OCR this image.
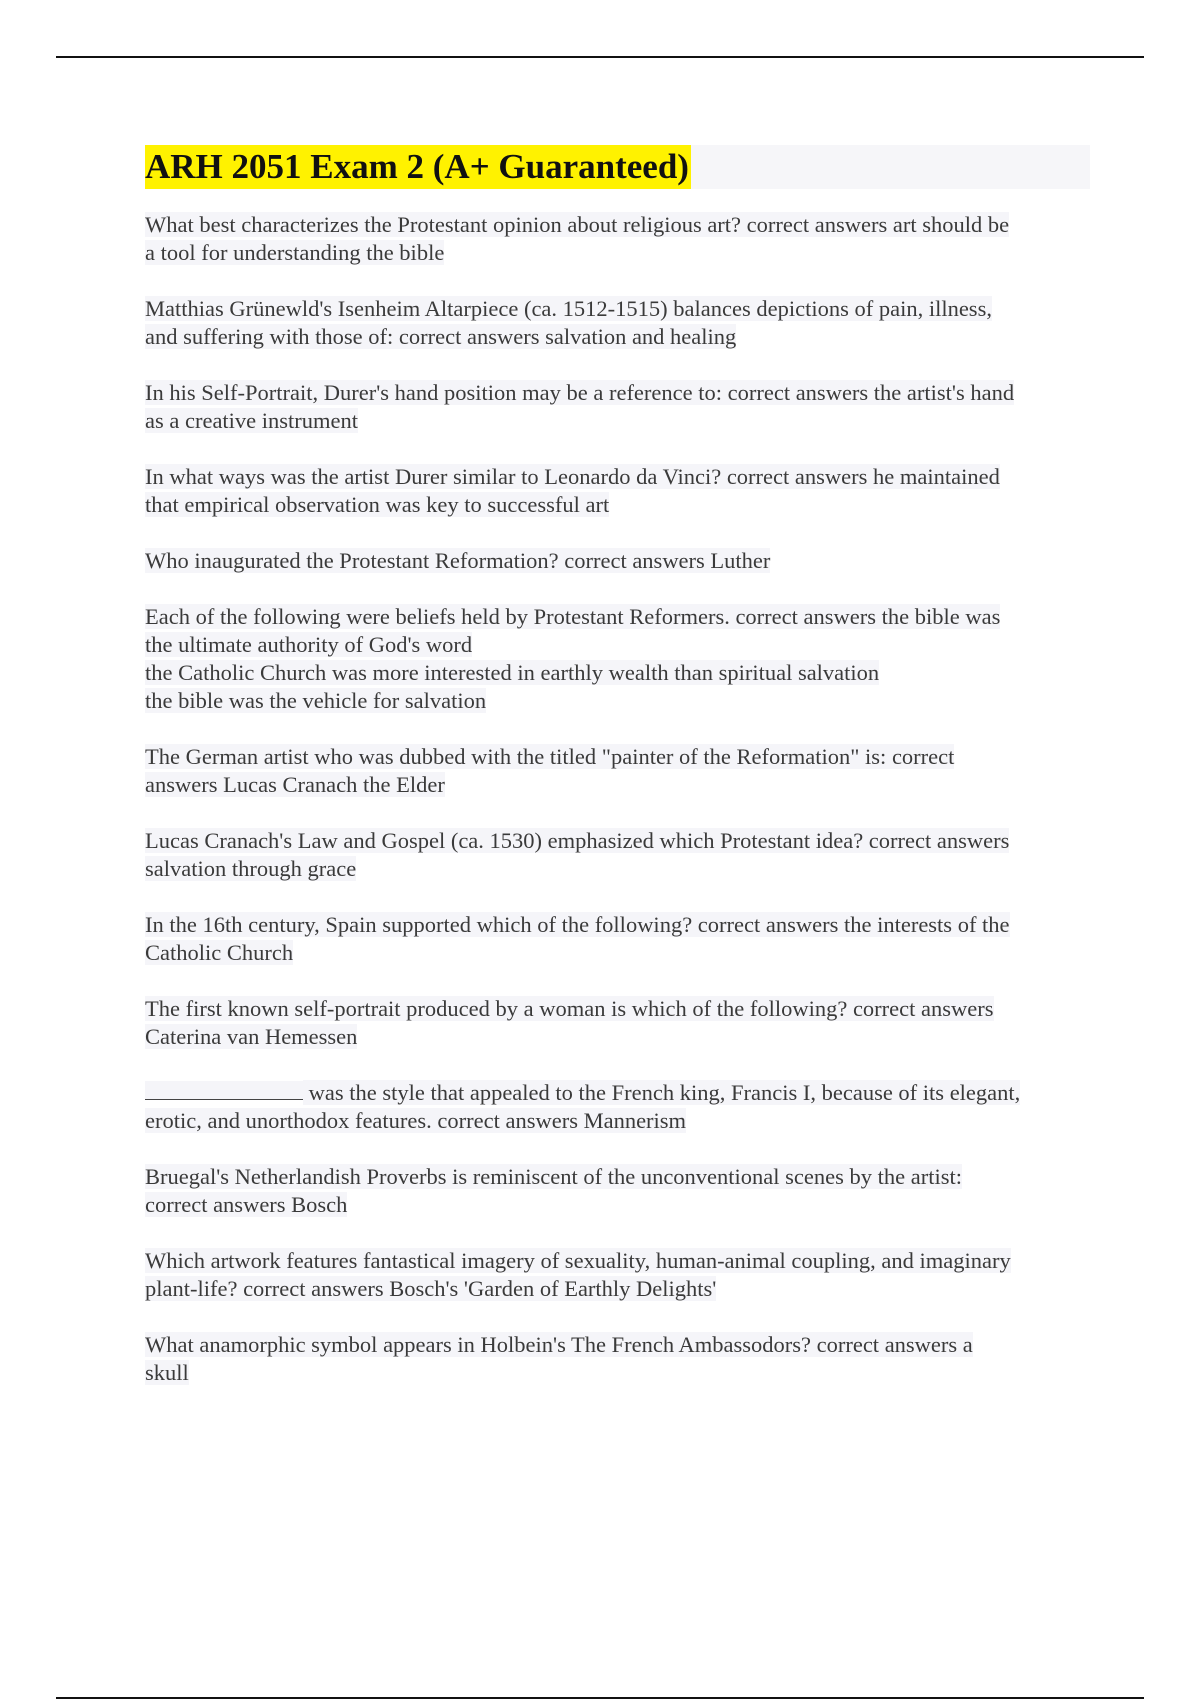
ARH 2051 Exam 2 (A+ Guaranteed)
What best characterizes the Protestant opinion about religious art? correct answers art should be
a tool for understanding the bible
Matthias Grünewld's Isenheim Altarpiece (ca. 1512-1515) balances depictions of pain, illness,
and suffering with those of: correct answers salvation and healing
In his Self-Portrait, Durer's hand position may be a reference to: correct answers the artist's hand
as a creative instrument
In what ways was the artist Durer similar to Leonardo da Vinci? correct answers he maintained
that empirical observation was key to successful art
Who inaugurated the Protestant Reformation? correct answers Luther
Each of the following were beliefs held by Protestant Reformers. correct answers the bible was
the ultimate authority of God's word
the Catholic Church was more interested in earthly wealth than spiritual salvation
the bible was the vehicle for salvation
The German artist who was dubbed with the titled "painter of the Reformation" is: correct
answers Lucas Cranach the Elder
Lucas Cranach's Law and Gospel (ca. 1530) emphasized which Protestant idea? correct answers
salvation through grace
In the 16th century, Spain supported which of the following? correct answers the interests of the
Catholic Church
The first known self-portrait produced by a woman is which of the following? correct answers
Caterina van Hemessen
was the style that appealed to the French king, Francis I, because of its elegant,
erotic, and unorthodox features. correct answers Mannerism
Bruegal's Netherlandish Proverbs is reminiscent of the unconventional scenes by the artist:
correct answers Bosch
Which artwork features fantastical imagery of sexuality, human-animal coupling, and imaginary
plant-life? correct answers Bosch's 'Garden of Earthly Delights'
What anamorphic symbol appears in Holbein's The French Ambassodors? correct answers a
skull
